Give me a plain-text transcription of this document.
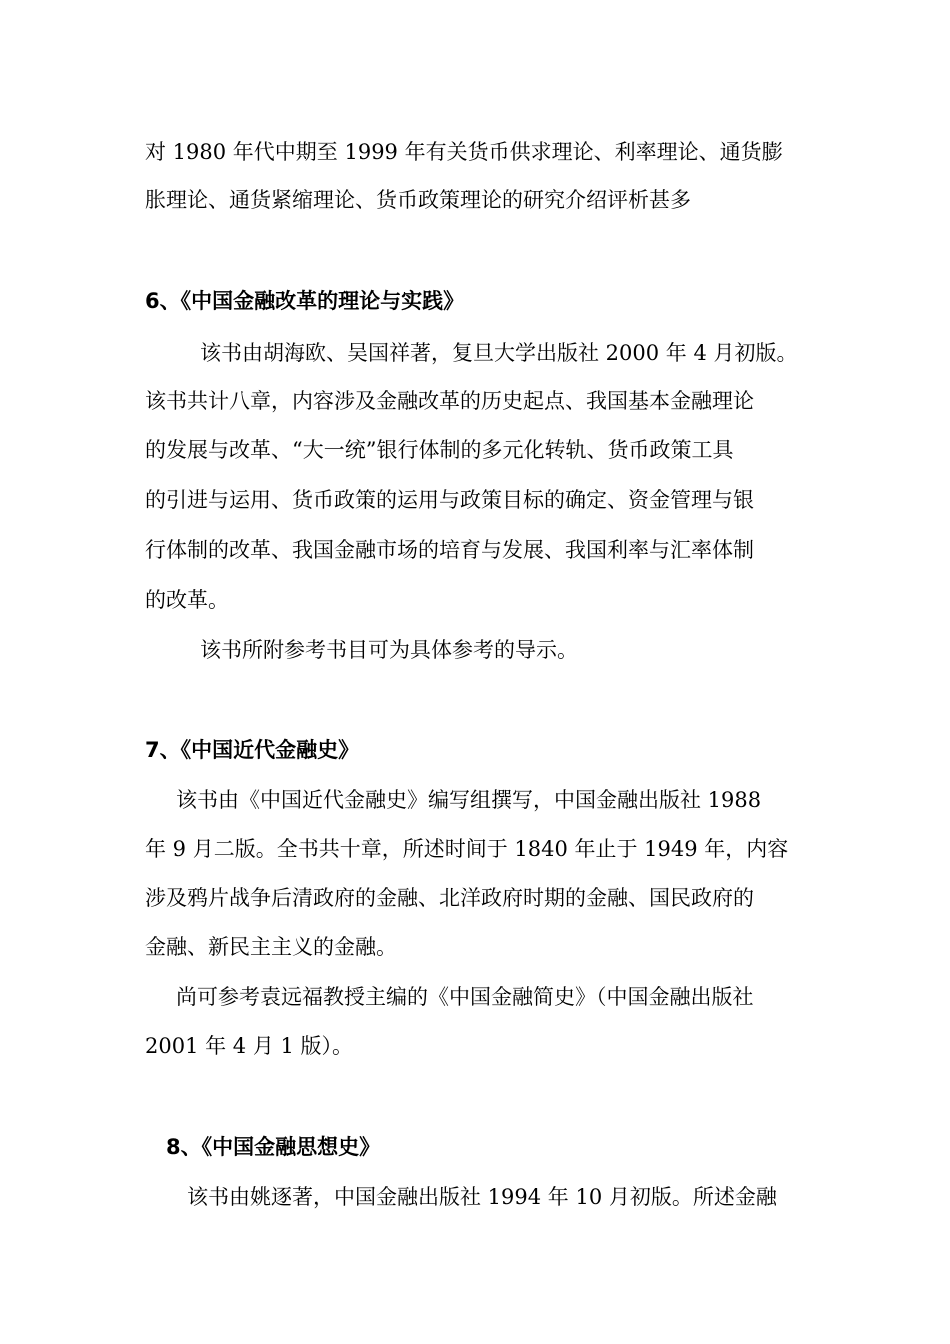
对 1980 年代中期至 1999 年有关货币供求理论、利率理论、通货膨

胀理论、通货紧缩理论、货币政策理论的研究介绍评析甚多

6、《中国金融改革的理论与实践》

该书由胡海欧、吴国祥著，复旦大学出版社 2000 年 4 月初版。

该书共计八章，内容涉及金融改革的历史起点、我国基本金融理论

的发展与改革、“大一统”银行体制的多元化转轨、货币政策工具

的引进与运用、货币政策的运用与政策目标的确定、资金管理与银

行体制的改革、我国金融市场的培育与发展、我国利率与汇率体制

的改革。

该书所附参考书目可为具体参考的导示。

7、《中国近代金融史》

该书由《中国近代金融史》编写组撰写，中国金融出版社 1988

年 9 月二版。全书共十章，所述时间于 1840 年止于 1949 年，内容

涉及鸦片战争后清政府的金融、北洋政府时期的金融、国民政府的

金融、新民主主义的金融。

尚可参考袁远福教授主编的《中国金融简史》（中国金融出版社

2001 年 4 月 1 版）。

8、《中国金融思想史》

该书由姚逐著，中国金融出版社 1994 年 10 月初版。所述金融
